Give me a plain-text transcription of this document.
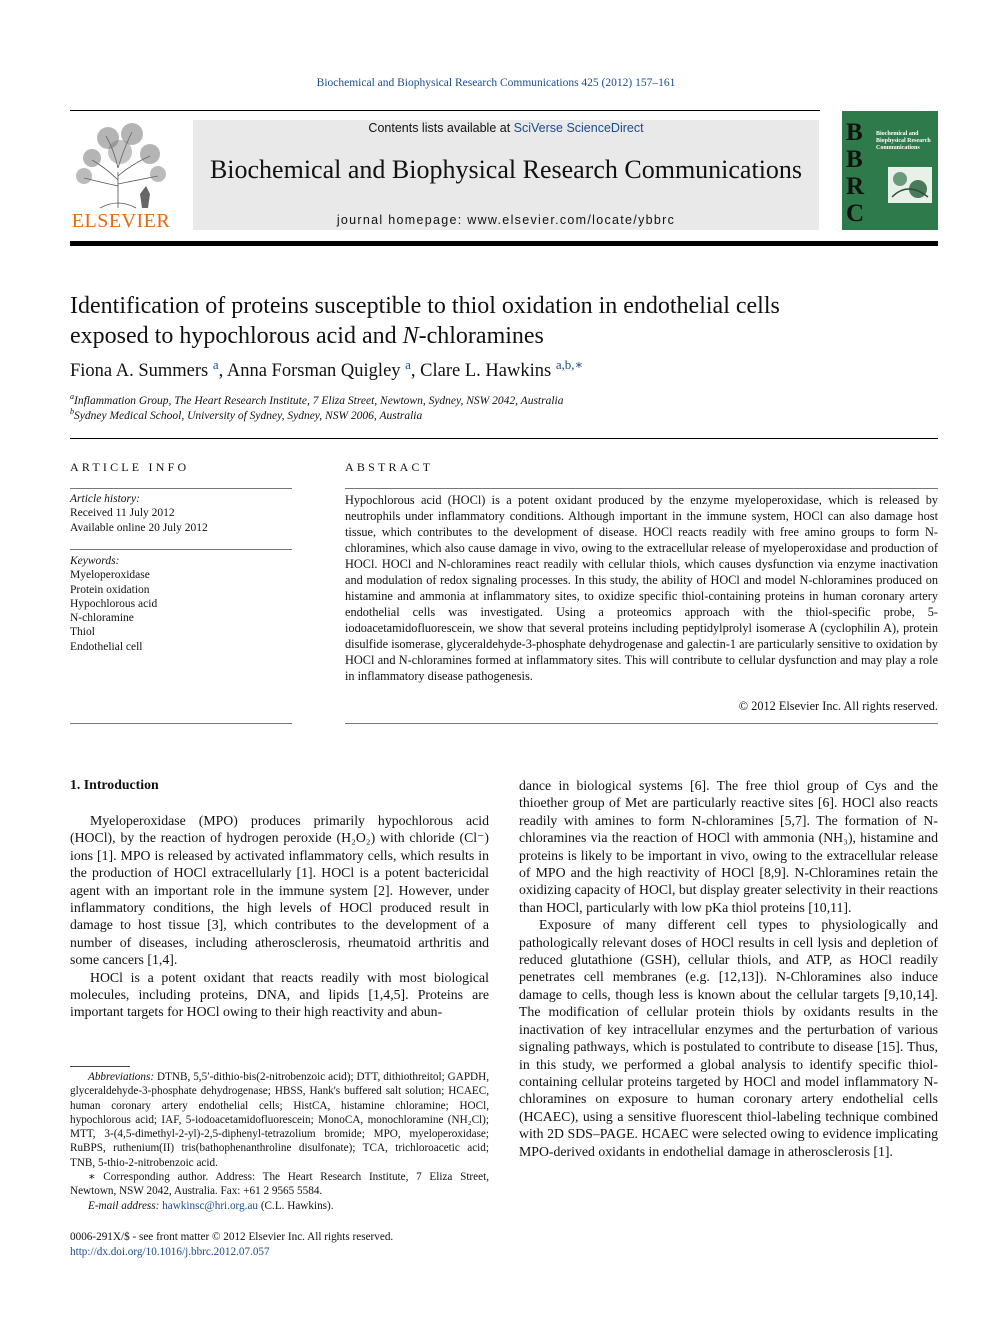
Biochemical and Biophysical Research Communications 425 (2012) 157–161
ELSEVIER
Contents lists available at SciVerse ScienceDirect
Biochemical and Biophysical Research Communications
journal homepage: www.elsevier.com/locate/ybbrc
B
B
R
C
Biochemical and Biophysical Research Communications
Identification of proteins susceptible to thiol oxidation in endothelial cells
exposed to hypochlorous acid and N-chloramines
Fiona A. Summers $^a$, Anna Forsman Quigley $^a$, Clare L. Hawkins $^{a,b,∗}$
$^a$Inflammation Group, The Heart Research Institute, 7 Eliza Street, Newtown, Sydney, NSW 2042, Australia
$^b$Sydney Medical School, University of Sydney, Sydney, NSW 2006, Australia
ARTICLE INFO
Article history:
Received 11 July 2012
Available online 20 July 2012
Keywords:
Myeloperoxidase
Protein oxidation
Hypochlorous acid
N-chloramine
Thiol
Endothelial cell
ABSTRACT
Hypochlorous acid (HOCl) is a potent oxidant produced by the enzyme myeloperoxidase, which is released by neutrophils under inflammatory conditions. Although important in the immune system, HOCl can also damage host tissue, which contributes to the development of disease. HOCl reacts readily with free amino groups to form N-chloramines, which also cause damage in vivo, owing to the extracellular release of myeloperoxidase and production of HOCl. HOCl and N-chloramines react readily with cellular thiols, which causes dysfunction via enzyme inactivation and modulation of redox signaling processes. In this study, the ability of HOCl and model N-chloramines produced on histamine and ammonia at inflammatory sites, to oxidize specific thiol-containing proteins in human coronary artery endothelial cells was investigated. Using a proteomics approach with the thiol-specific probe, 5-iodoacetamidofluorescein, we show that several proteins including peptidylprolyl isomerase A (cyclophilin A), protein disulfide isomerase, glyceraldehyde-3-phosphate dehydrogenase and galectin-1 are particularly sensitive to oxidation by HOCl and N-chloramines formed at inflammatory sites. This will contribute to cellular dysfunction and may play a role in inflammatory disease pathogenesis.
© 2012 Elsevier Inc. All rights reserved.
1. Introduction

Myeloperoxidase (MPO) produces primarily hypochlorous acid (HOCl), by the reaction of hydrogen peroxide (H₂O₂) with chloride (Cl⁻) ions [1]. MPO is released by activated inflammatory cells, which results in the production of HOCl extracellularly [1]. HOCl is a potent bactericidal agent with an important role in the immune system [2]. However, under inflammatory conditions, the high levels of HOCl produced result in damage to host tissue [3], which contributes to the development of a number of diseases, including atherosclerosis, rheumatoid arthritis and some cancers [1,4].

HOCl is a potent oxidant that reacts readily with most biological molecules, including proteins, DNA, and lipids [1,4,5]. Proteins are important targets for HOCl owing to their high reactivity and abun-

dance in biological systems [6]. The free thiol group of Cys and the thioether group of Met are particularly reactive sites [6]. HOCl also reacts readily with amines to form N-chloramines [5,7]. The formation of N-chloramines via the reaction of HOCl with ammonia (NH₃), histamine and proteins is likely to be important in vivo, owing to the extracellular release of MPO and the high reactivity of HOCl [8,9]. N-Chloramines retain the oxidizing capacity of HOCl, but display greater selectivity in their reactions than HOCl, particularly with low pKa thiol proteins [10,11].

Exposure of many different cell types to physiologically and pathologically relevant doses of HOCl results in cell lysis and depletion of reduced glutathione (GSH), cellular thiols, and ATP, as HOCl readily penetrates cell membranes (e.g. [12,13]). N-Chloramines also induce damage to cells, though less is known about the cellular targets [9,10,14]. The modification of cellular protein thiols by oxidants results in the inactivation of key intracellular enzymes and the perturbation of various signaling pathways, which is postulated to contribute to disease [15]. Thus, in this study, we performed a global analysis to identify specific thiol-containing cellular proteins targeted by HOCl and model inflammatory N-chloramines on exposure to human coronary artery endothelial cells (HCAEC), using a sensitive fluorescent thiol-labeling technique combined with 2D SDS–PAGE. HCAEC were selected owing to evidence implicating MPO-derived oxidants in endothelial damage in atherosclerosis [1].

Abbreviations: DTNB, 5,5′-dithio-bis(2-nitrobenzoic acid); DTT, dithiothreitol; GAPDH, glyceraldehyde-3-phosphate dehydrogenase; HBSS, Hank's buffered salt solution; HCAEC, human coronary artery endothelial cells; HistCA, histamine chloramine; HOCl, hypochlorous acid; IAF, 5-iodoacetamidofluorescein; MonoCA, monochloramine (NH₂Cl); MTT, 3-(4,5-dimethyl-2-yl)-2,5-diphenyl-tetrazolium bromide; MPO, myeloperoxidase; RuBPS, ruthenium(II) tris(bathophenanthroline disulfonate); TCA, trichloroacetic acid; TNB, 5-thio-2-nitrobenzoic acid.

∗ Corresponding author. Address: The Heart Research Institute, 7 Eliza Street, Newtown, NSW 2042, Australia. Fax: +61 2 9565 5584.

E-mail address: hawkinsc@hri.org.au (C.L. Hawkins).

0006-291X/$ - see front matter © 2012 Elsevier Inc. All rights reserved.
http://dx.doi.org/10.1016/j.bbrc.2012.07.057
